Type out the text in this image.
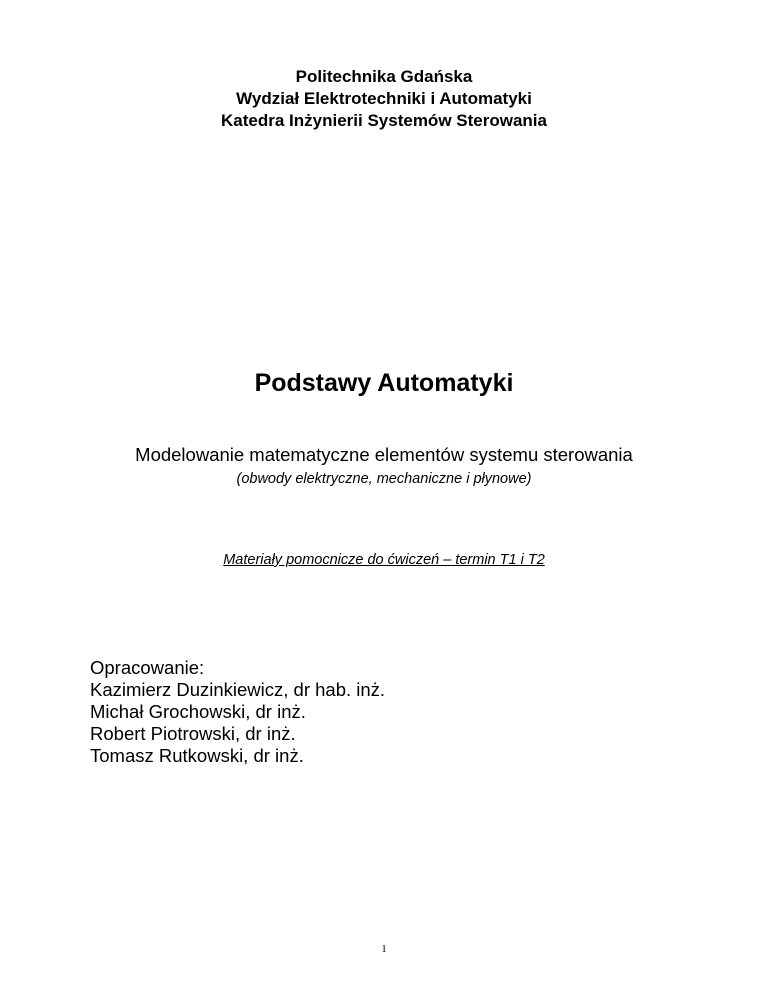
Politechnika Gdańska
Wydział Elektrotechniki i Automatyki
Katedra Inżynierii Systemów Sterowania
Podstawy Automatyki
Modelowanie matematyczne elementów systemu sterowania
(obwody elektryczne, mechaniczne i płynowe)
Materiały pomocnicze do ćwiczeń – termin T1 i T2
Opracowanie:
Kazimierz Duzinkiewicz, dr hab. inż.
Michał Grochowski, dr inż.
Robert Piotrowski, dr inż.
Tomasz Rutkowski, dr inż.
1
